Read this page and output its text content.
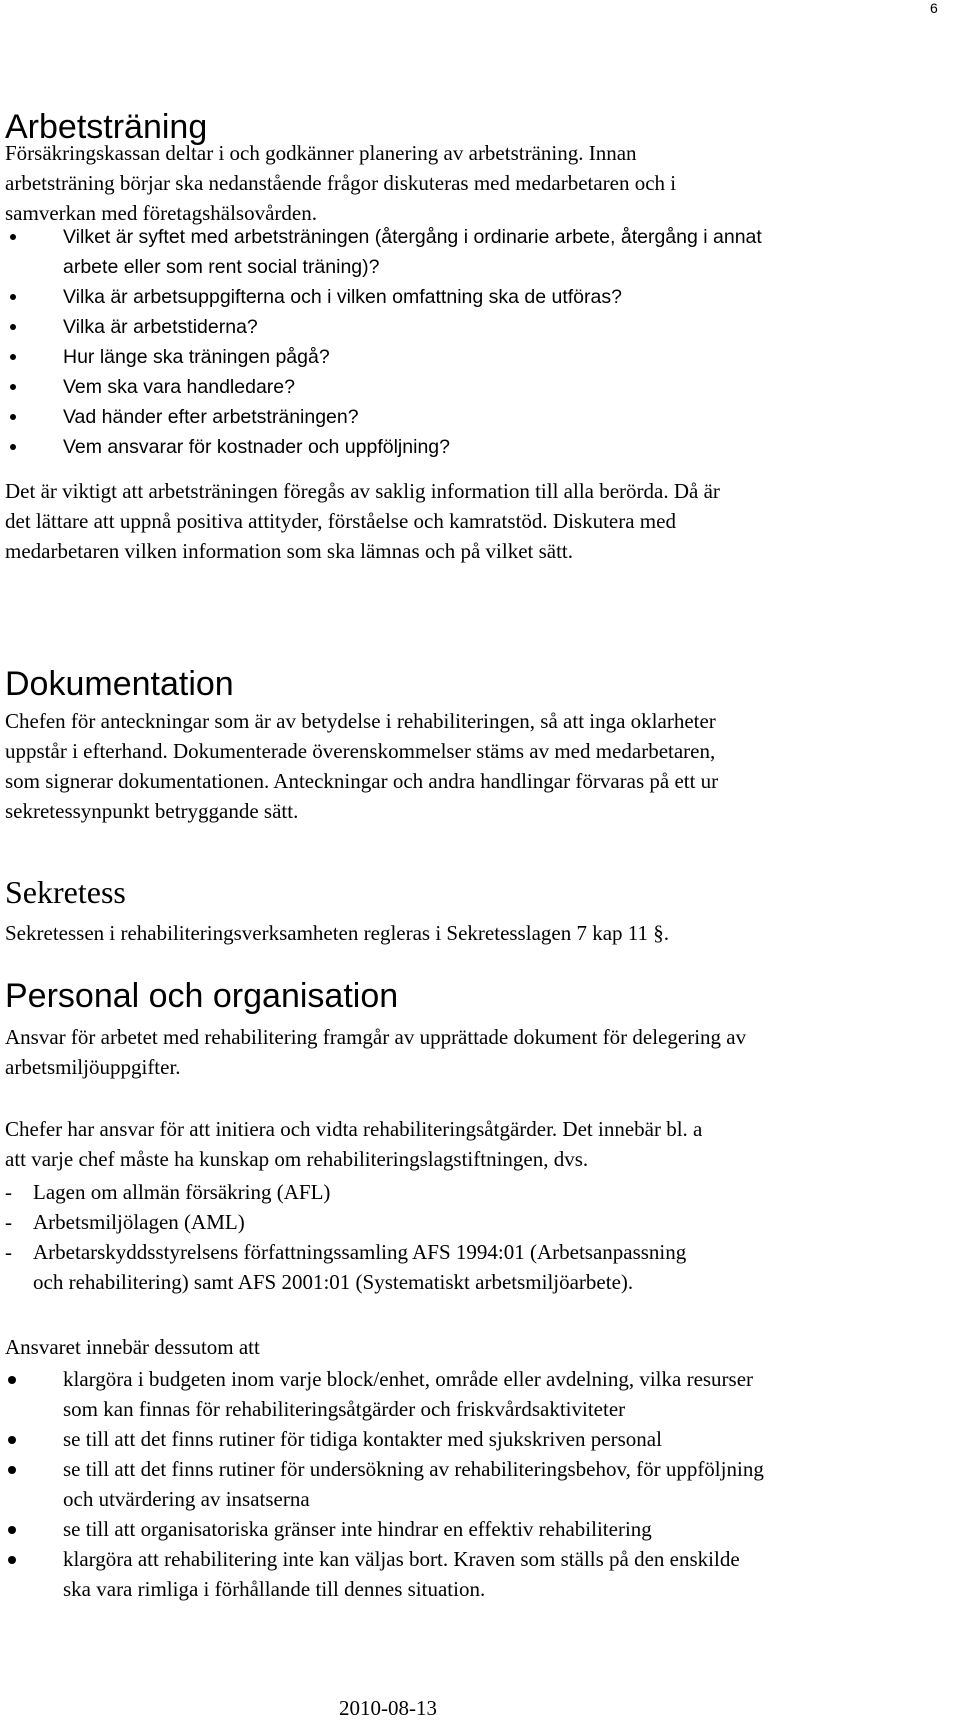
6
Arbetsträning

Försäkringskassan deltar i och godkänner planering av arbetsträning. Innan
arbetsträning börjar ska nedanstående frågor diskuteras med medarbetaren och i
samverkan med företagshälsovården.

Vilket är syftet med arbetsträningen (återgång i ordinarie arbete, återgång i annat
arbete eller som rent social träning)?
Vilka är arbetsuppgifterna och i vilken omfattning ska de utföras?
Vilka är arbetstiderna?
Hur länge ska träningen pågå?
Vem ska vara handledare?
Vad händer efter arbetsträningen?
Vem ansvarar för kostnader och uppföljning?

Det är viktigt att arbetsträningen föregås av saklig information till alla berörda. Då är
det lättare att uppnå positiva attityder, förståelse och kamratstöd. Diskutera med
medarbetaren vilken information som ska lämnas och på vilket sätt.

Dokumentation

Chefen för anteckningar som är av betydelse i rehabiliteringen, så att inga oklarheter
uppstår i efterhand. Dokumenterade överenskommelser stäms av med medarbetaren,
som signerar dokumentationen. Anteckningar och andra handlingar förvaras på ett ur
sekretessynpunkt betryggande sätt.

Sekretess

Sekretessen i rehabiliteringsverksamheten regleras i Sekretesslagen 7 kap 11 §.

Personal och organisation

Ansvar för arbetet med rehabilitering framgår av upprättade dokument för delegering av
arbetsmiljöuppgifter.

Chefer har ansvar för att initiera och vidta rehabiliteringsåtgärder. Det innebär bl. a
att varje chef måste ha kunskap om rehabiliteringslagstiftningen, dvs.

- Lagen om allmän försäkring (AFL)
- Arbetsmiljölagen (AML)
- Arbetarskyddsstyrelsens författningssamling AFS 1994:01 (Arbetsanpassning
och rehabilitering) samt AFS 2001:01 (Systematiskt arbetsmiljöarbete).

Ansvaret innebär dessutom att

klargöra i budgeten inom varje block/enhet, område eller avdelning, vilka resurser
som kan finnas för rehabiliteringsåtgärder och friskvårdsaktiviteter
se till att det finns rutiner för tidiga kontakter med sjukskriven personal
se till att det finns rutiner för undersökning av rehabiliteringsbehov, för uppföljning
och utvärdering av insatserna
se till att organisatoriska gränser inte hindrar en effektiv rehabilitering
klargöra att rehabilitering inte kan väljas bort. Kraven som ställs på den enskilde
ska vara rimliga i förhållande till dennes situation.
2010-08-13
